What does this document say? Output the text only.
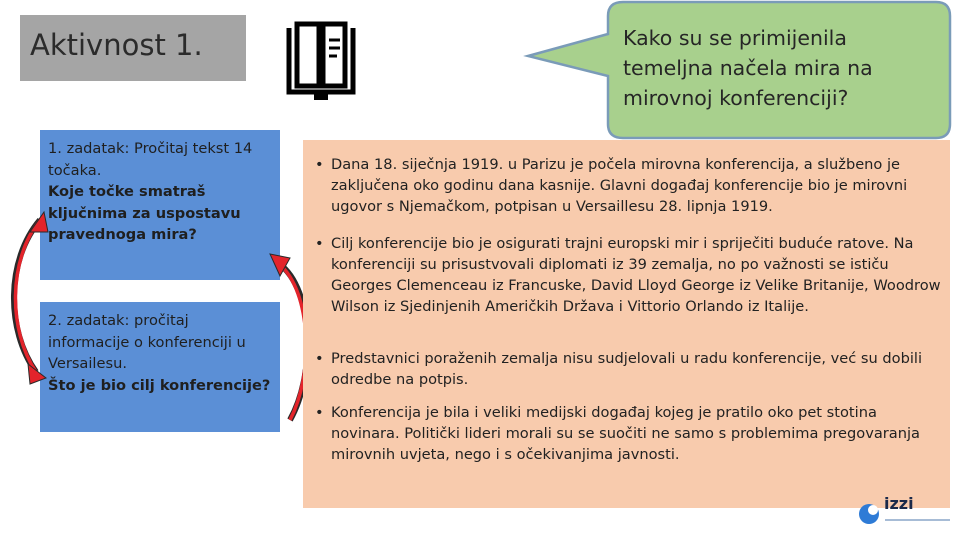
Aktivnost 1.	Kako su se primijenila temeljna načela mira na mirovnoj konferenciji?
1. zadatak: Pročitaj tekst 14 točaka.
Koje točke smatraš ključnima za uspostavu pravednoga mira?
2. zadatak: pročitaj informacije o konferenciji u Versailesu.
Što je bio cilj konferencije?
• Dana 18. siječnja 1919. u Parizu je počela mirovna konferencija, a službeno je zaključena oko godinu dana kasnije. Glavni događaj konferencije bio je mirovni ugovor s Njemačkom, potpisan u Versaillesu 28. lipnja 1919.
• Cilj konferencije bio je osigurati trajni europski mir i spriječiti buduće ratove. Na konferenciji su prisustvovali diplomati iz 39 zemalja, no po važnosti se ističu Georges Clemenceau iz Francuske, David Lloyd George iz Velike Britanije, Woodrow Wilson iz Sjedinjenih Američkih Država i Vittorio Orlando iz Italije.
• Predstavnici poraženih zemalja nisu sudjelovali u radu konferencije, već su dobili odredbe na potpis.
• Konferencija je bila i veliki medijski događaj kojeg je pratilo oko pet stotina novinara. Politički lideri morali su se suočiti ne samo s problemima pregovaranja mirovnih uvjeta, nego i s očekivanjima javnosti.
izzi
